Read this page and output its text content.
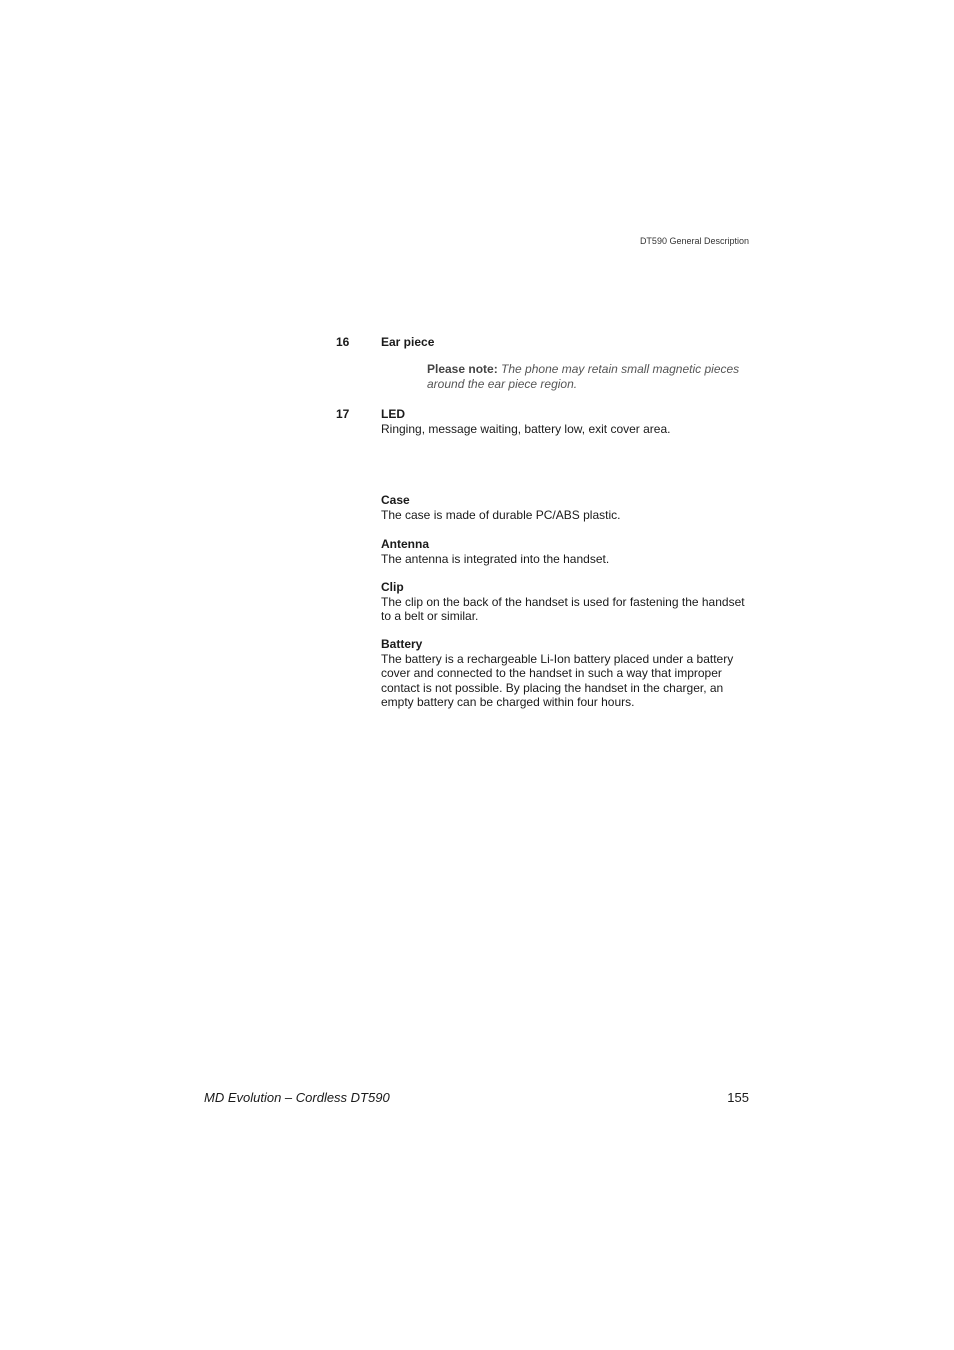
DT590 General Description
16	Ear piece
Please note: The phone may retain small magnetic pieces around the ear piece region.
17	LED
Ringing, message waiting, battery low, exit cover area.
Case
The case is made of durable PC/ABS plastic.
Antenna
The antenna is integrated into the handset.
Clip
The clip on the back of the handset is used for fastening the handset to a belt or similar.
Battery
The battery is a rechargeable Li-Ion battery placed under a battery cover and connected to the handset in such a way that improper contact is not possible. By placing the handset in the charger, an empty battery can be charged within four hours.
MD Evolution – Cordless DT590	155
